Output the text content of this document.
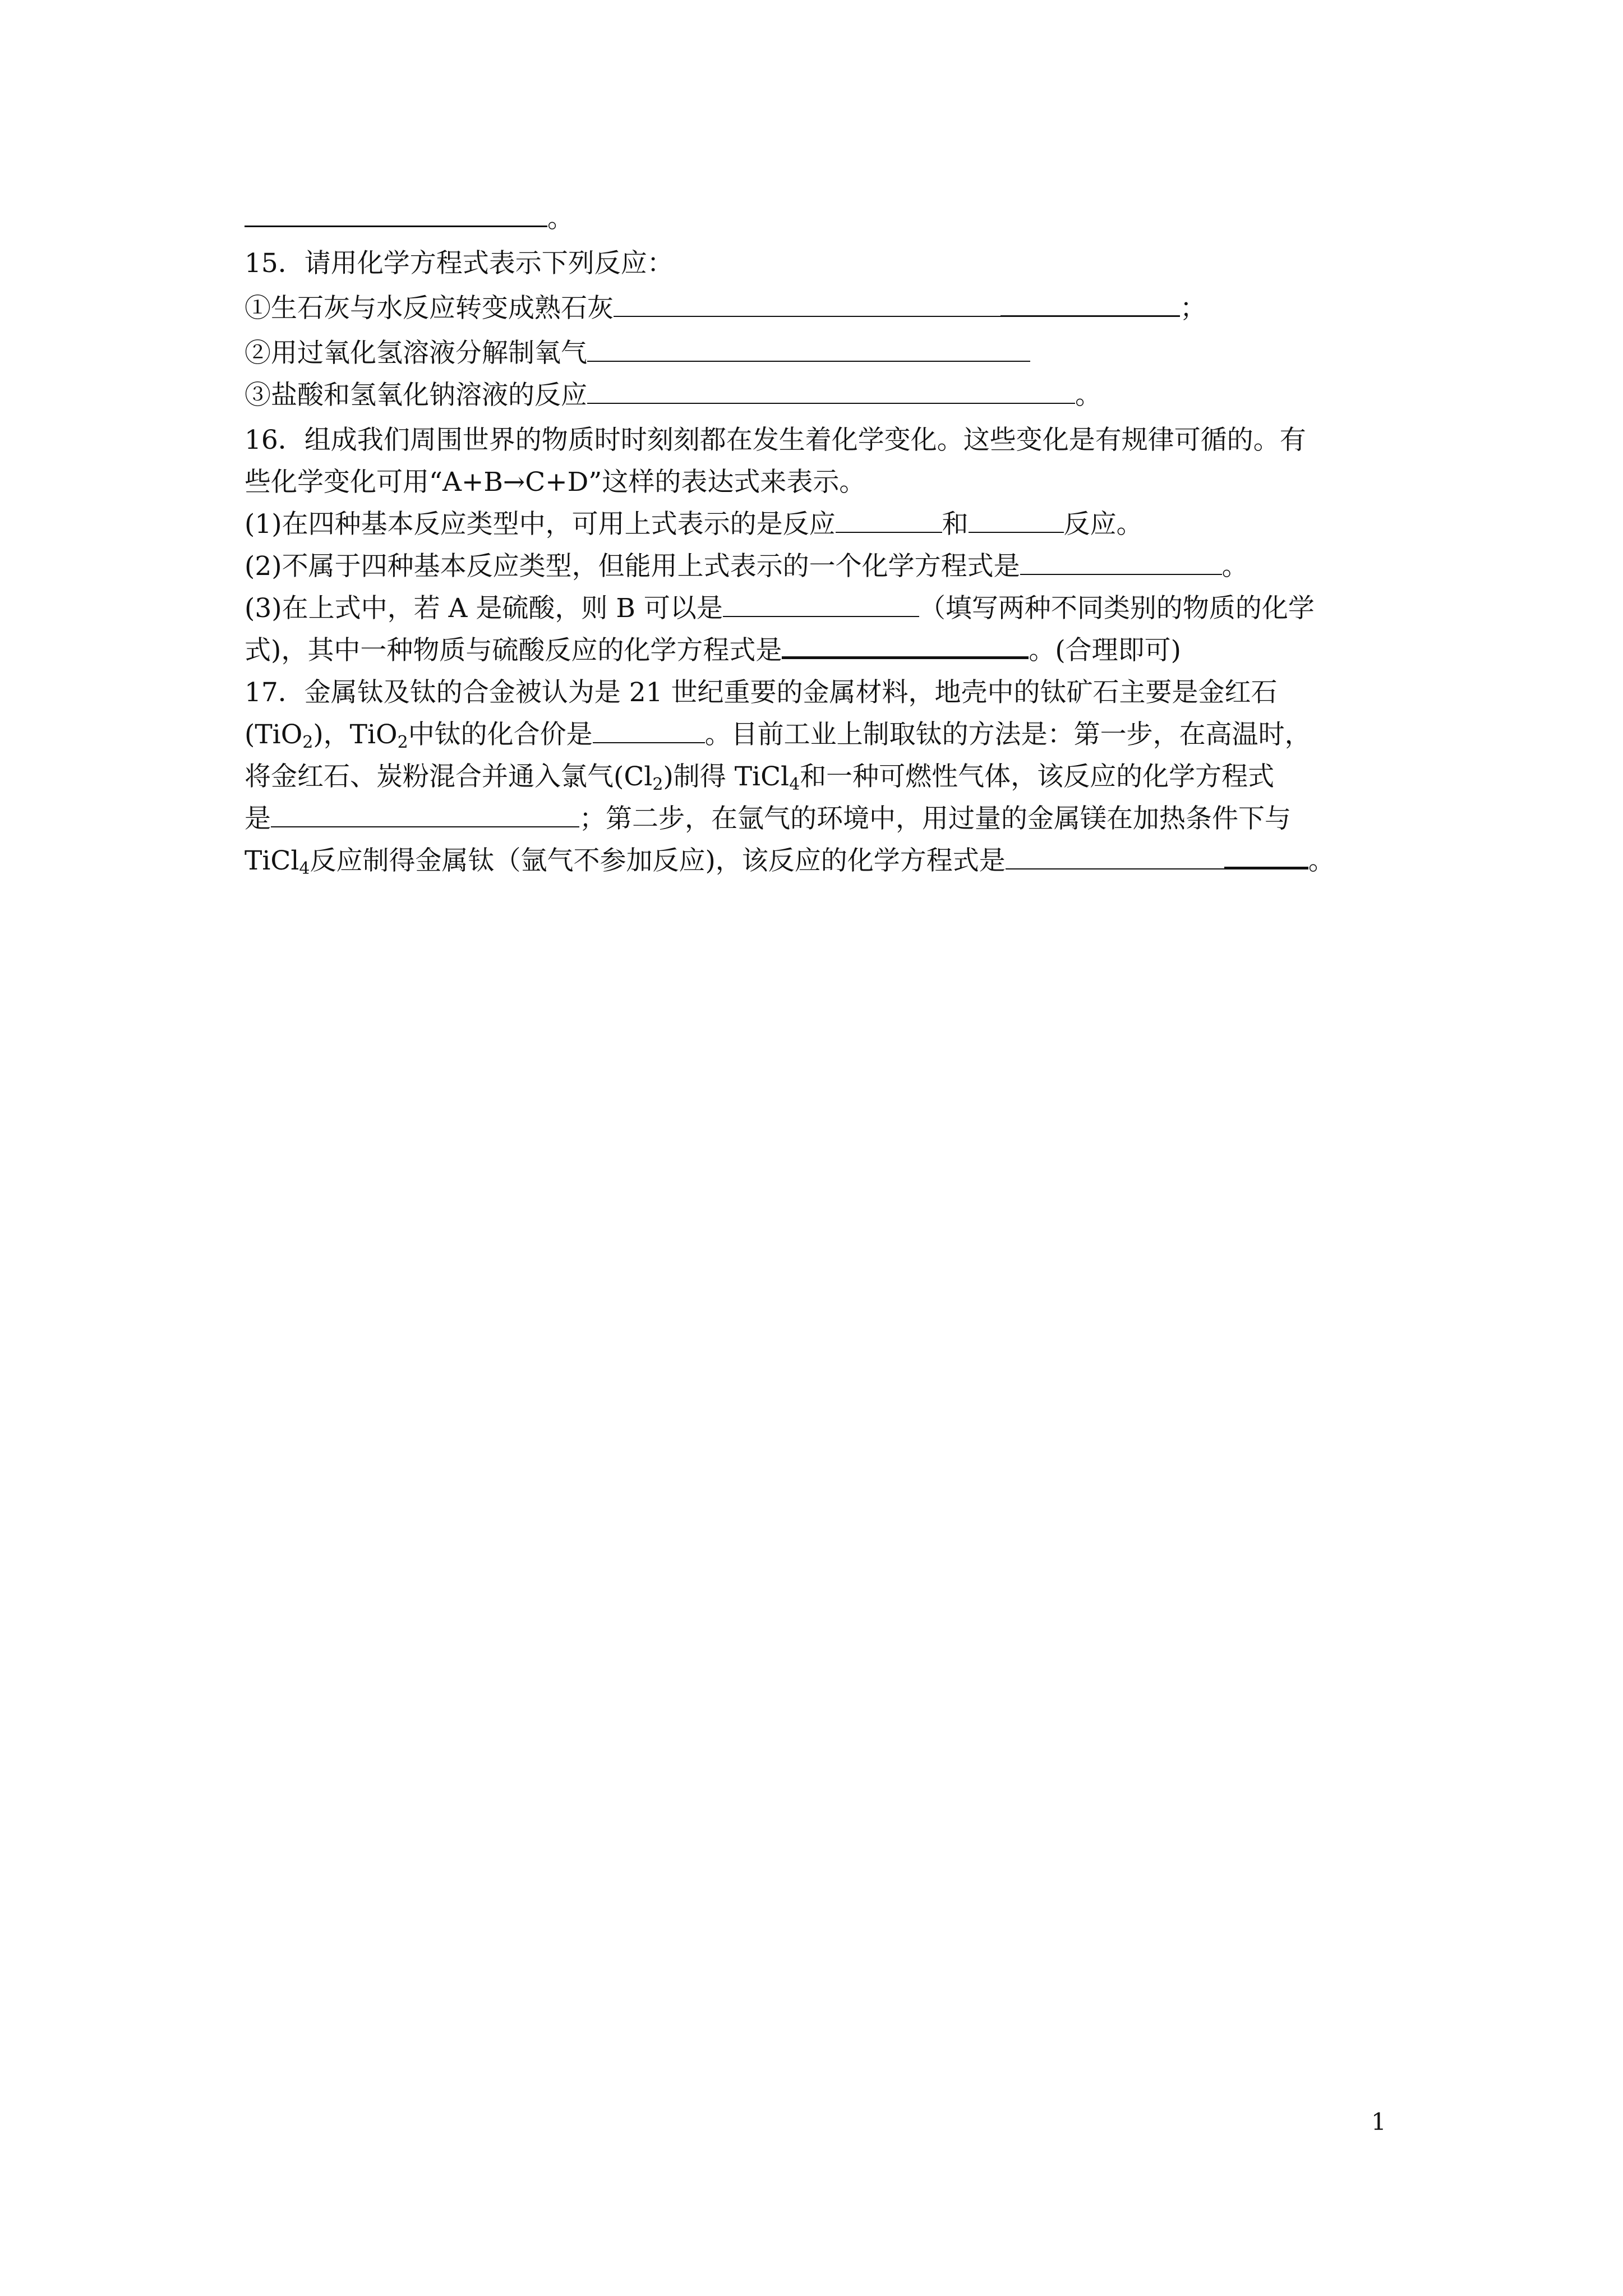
。
15．请用化学方程式表示下列反应：
①生石灰与水反应转变成熟石灰	；
②用过氧化氢溶液分解制氧气
③盐酸和氢氧化钠溶液的反应	。
16．组成我们周围世界的物质时时刻刻都在发生着化学变化。这些变化是有规律可循的。有
些化学变化可用“A+B→C+D”这样的表达式来表示。
(1)在四种基本反应类型中，可用上式表示的是反应	和	反应。
(2)不属于四种基本反应类型，但能用上式表示的一个化学方程式是	。
(3)在上式中，若 A 是硫酸，则 B 可以是	（填写两种不同类别的物质的化学
式)，其中一种物质与硫酸反应的化学方程式是	。(合理即可)
17．金属钛及钛的合金被认为是 21 世纪重要的金属材料，地壳中的钛矿石主要是金红石
(TiO$_2$)，TiO$_2$中钛的化合价是	。目前工业上制取钛的方法是：第一步，在高温时，
将金红石、炭粉混合并通入氯气$(Cl_2)$制得 TiCl$_4$和一种可燃性气体，该反应的化学方程式
是	；第二步，在氩气的环境中，用过量的金属镁在加热条件下与
TiCl$_4$反应制得金属钛（氩气不参加反应)，该反应的化学方程式是	。
1
